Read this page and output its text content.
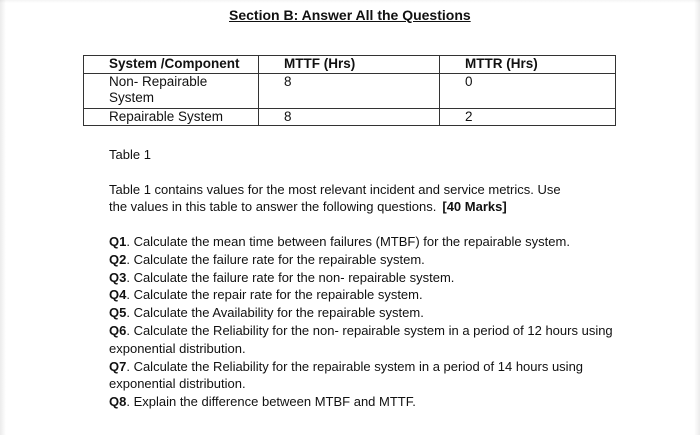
Section B: Answer All the Questions
System /Component	MTTF (Hrs)	MTTR (Hrs)

Non- Repairable
System	8	0

Repairable System	8	2
Table 1
Table 1 contains values for the most relevant incident and service metrics. Use
the values in this table to answer the following questions. [40 Marks]
Q1. Calculate the mean time between failures (MTBF) for the repairable system.
Q2. Calculate the failure rate for the repairable system.
Q3. Calculate the failure rate for the non- repairable system.
Q4. Calculate the repair rate for the repairable system.
Q5. Calculate the Availability for the repairable system.
Q6. Calculate the Reliability for the non- repairable system in a period of 12 hours using exponential distribution.
Q7. Calculate the Reliability for the repairable system in a period of 14 hours using exponential distribution.
Q8. Explain the difference between MTBF and MTTF.
